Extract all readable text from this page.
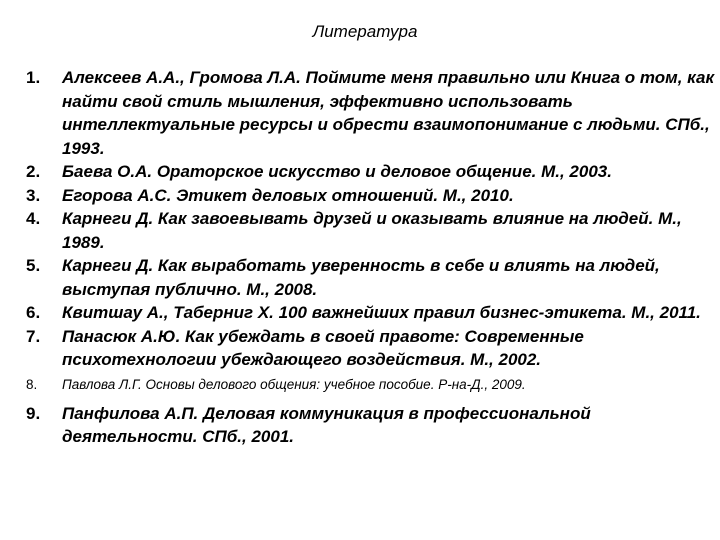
Литература
1. Алексеев А.А., Громова Л.А. Поймите меня правильно или Книга о том, как найти свой стиль мышления, эффективно использовать интеллектуальные ресурсы и обрести взаимопонимание с людьми. СПб., 1993.
2. Баева О.А. Ораторское искусство и деловое общение. М., 2003.
3. Егорова А.С. Этикет деловых отношений. М., 2010.
4. Карнеги Д. Как завоевывать друзей и оказывать влияние на людей. М., 1989.
5. Карнеги Д. Как выработать уверенность в себе и влиять на людей, выступая публично. М., 2008.
6. Квитшау А., Таберниг Х. 100 важнейших правил бизнес-этикета. М., 2011.
7. Панасюк А.Ю. Как убеждать в своей правоте: Современные психотехнологии убеждающего воздействия. М., 2002.
8. Павлова Л.Г. Основы делового общения: учебное пособие. Р-на-Д., 2009.
9. Панфилова А.П. Деловая коммуникация в профессиональной деятельности. СПб., 2001.
